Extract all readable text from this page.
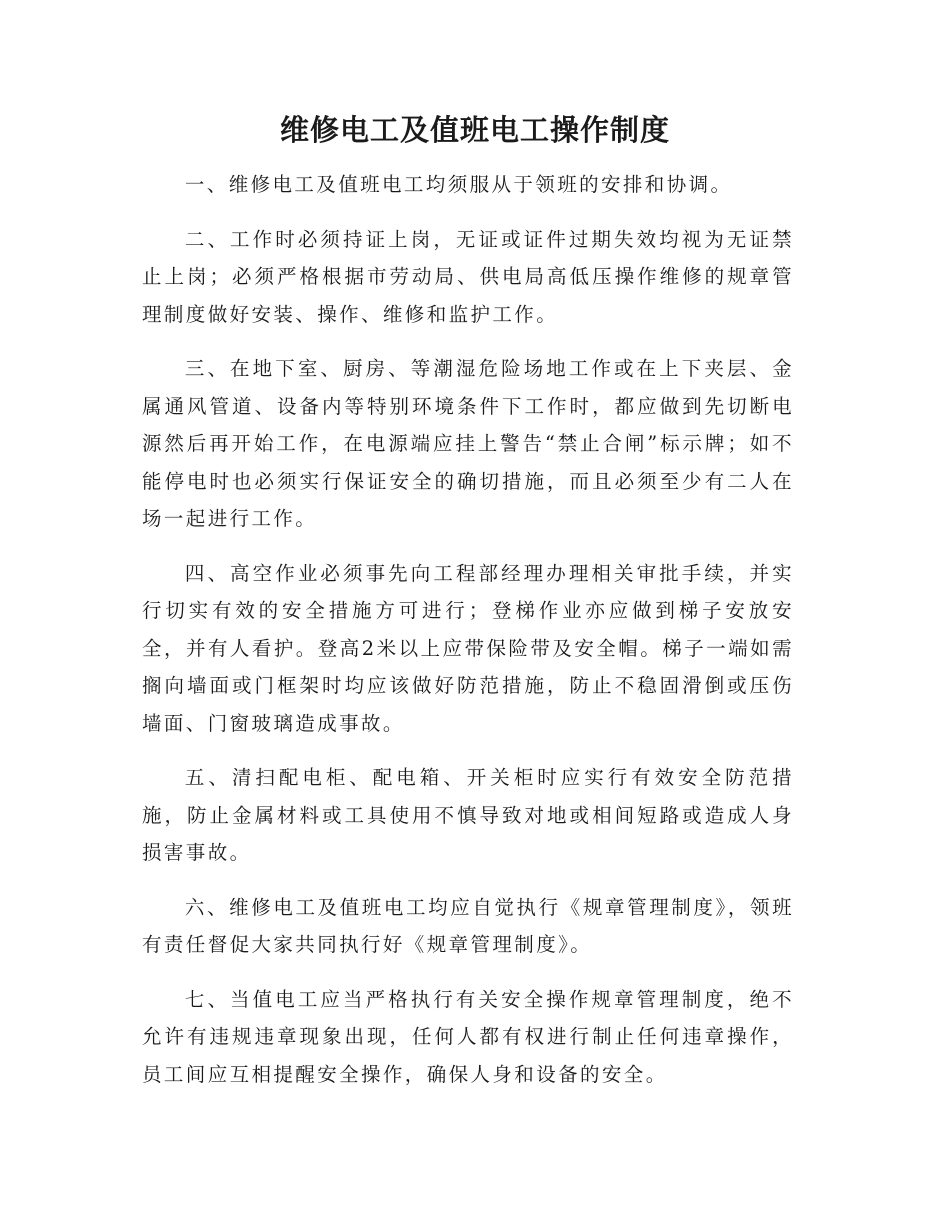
维修电工及值班电工操作制度

一、维修电工及值班电工均须服从于领班的安排和协调。

二、工作时必须持证上岗，无证或证件过期失效均视为无证禁止上岗；必须严格根据市劳动局、供电局高低压操作维修的规章管理制度做好安装、操作、维修和监护工作。

三、在地下室、厨房、等潮湿危险场地工作或在上下夹层、金属通风管道、设备内等特别环境条件下工作时，都应做到先切断电源然后再开始工作，在电源端应挂上警告“禁止合闸”标示牌；如不能停电时也必须实行保证安全的确切措施，而且必须至少有二人在场一起进行工作。

四、高空作业必须事先向工程部经理办理相关审批手续，并实行切实有效的安全措施方可进行；登梯作业亦应做到梯子安放安全，并有人看护。登高2米以上应带保险带及安全帽。梯子一端如需搁向墙面或门框架时均应该做好防范措施，防止不稳固滑倒或压伤墙面、门窗玻璃造成事故。

五、清扫配电柜、配电箱、开关柜时应实行有效安全防范措施，防止金属材料或工具使用不慎导致对地或相间短路或造成人身损害事故。

六、维修电工及值班电工均应自觉执行《规章管理制度》，领班有责任督促大家共同执行好《规章管理制度》。

七、当值电工应当严格执行有关安全操作规章管理制度，绝不允许有违规违章现象出现，任何人都有权进行制止任何违章操作，员工间应互相提醒安全操作，确保人身和设备的安全。
